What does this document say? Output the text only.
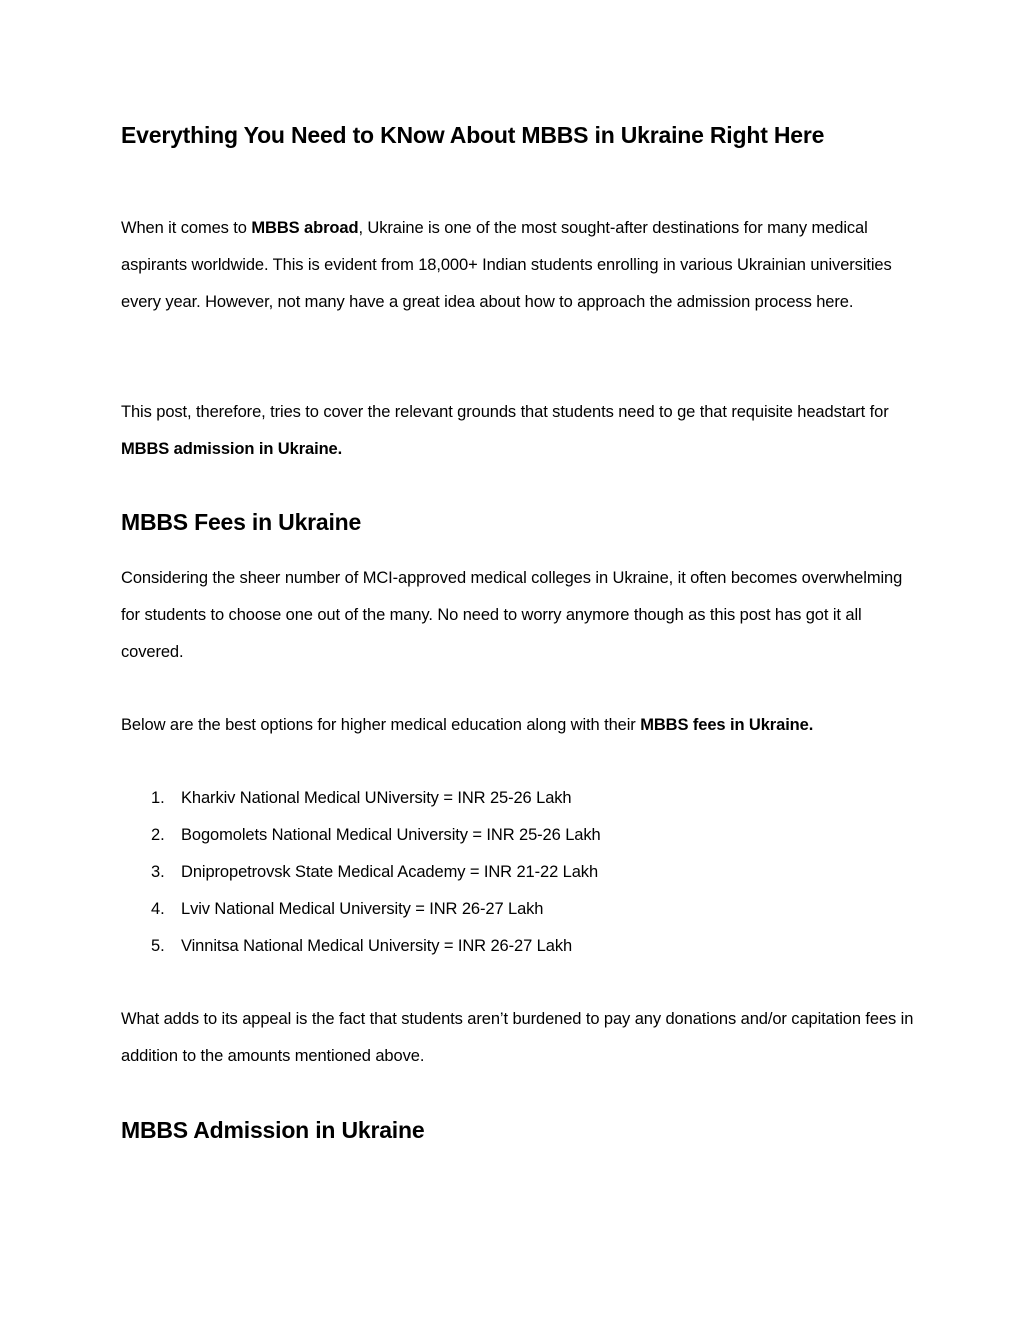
Everything You Need to KNow About MBBS in Ukraine Right Here

When it comes to MBBS abroad, Ukraine is one of the most sought-after destinations for many medical aspirants worldwide. This is evident from 18,000+ Indian students enrolling in various Ukrainian universities every year. However, not many have a great idea about how to approach the admission process here.

This post, therefore, tries to cover the relevant grounds that students need to ge that requisite headstart for MBBS admission in Ukraine.

MBBS Fees in Ukraine

Considering the sheer number of MCI-approved medical colleges in Ukraine, it often becomes overwhelming for students to choose one out of the many. No need to worry anymore though as this post has got it all covered.

Below are the best options for higher medical education along with their MBBS fees in Ukraine.

1. Kharkiv National Medical UNiversity = INR 25-26 Lakh
2. Bogomolets National Medical University = INR 25-26 Lakh
3. Dnipropetrovsk State Medical Academy = INR 21-22 Lakh
4. Lviv National Medical University = INR 26-27 Lakh
5. Vinnitsa National Medical University = INR 26-27 Lakh

What adds to its appeal is the fact that students aren’t burdened to pay any donations and/or capitation fees in addition to the amounts mentioned above.

MBBS Admission in Ukraine
